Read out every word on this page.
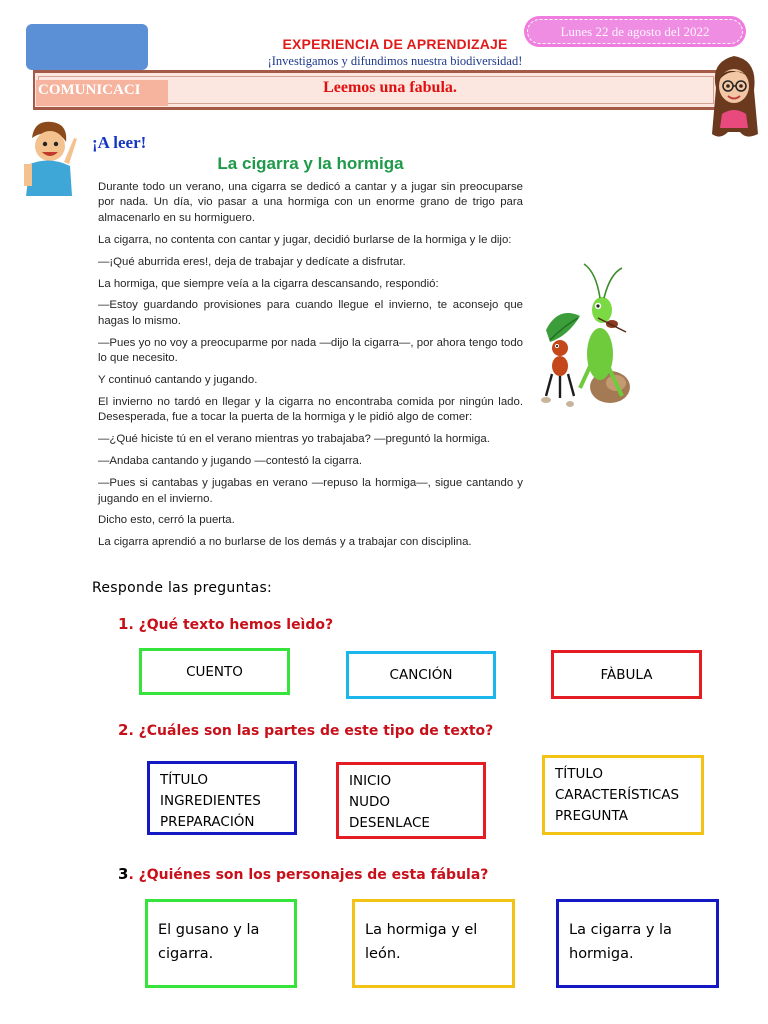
EXPERIENCIA DE APRENDIZAJE
Lunes 22 de agosto del 2022
¡Investigamos y difundimos nuestra biodiversidad!
COMUNICACI	Leemos una fabula.
¡A leer!
La cigarra y la hormiga

Durante todo un verano, una cigarra se dedicó a cantar y a jugar sin preocuparse por nada. Un día, vio pasar a una hormiga con un enorme grano de trigo para almacenarlo en su hormiguero.

La cigarra, no contenta con cantar y jugar, decidió burlarse de la hormiga y le dijo:

—¡Qué aburrida eres!, deja de trabajar y dedícate a disfrutar.

La hormiga, que siempre veía a la cigarra descansando, respondió:

—Estoy guardando provisiones para cuando llegue el invierno, te aconsejo que hagas lo mismo.

—Pues yo no voy a preocuparme por nada —dijo la cigarra—, por ahora tengo todo lo que necesito.

Y continuó cantando y jugando.

El invierno no tardó en llegar y la cigarra no encontraba comida por ningún lado. Desesperada, fue a tocar la puerta de la hormiga y le pidió algo de comer:

—¿Qué hiciste tú en el verano mientras yo trabajaba? —preguntó la hormiga.

—Andaba cantando y jugando —contestó la cigarra.

—Pues si cantabas y jugabas en verano —repuso la hormiga—, sigue cantando y jugando en el invierno.

Dicho esto, cerró la puerta.

La cigarra aprendió a no burlarse de los demás y a trabajar con disciplina.

Responde las preguntas:
1. ¿Qué texto hemos leìdo?
CUENTO	CANCIÓN	FÀBULA
2. ¿Cuáles son las partes de este tipo de texto?
TÍTULO
INGREDIENTES
PREPARACIÓN
INICIO
NUDO
DESENLACE
TÍTULO
CARACTERÍSTICAS
PREGUNTA
3. ¿Quiénes son los personajes de esta fábula?
El gusano y la
cigarra.
La hormiga y el
león.
La cigarra y la
hormiga.
